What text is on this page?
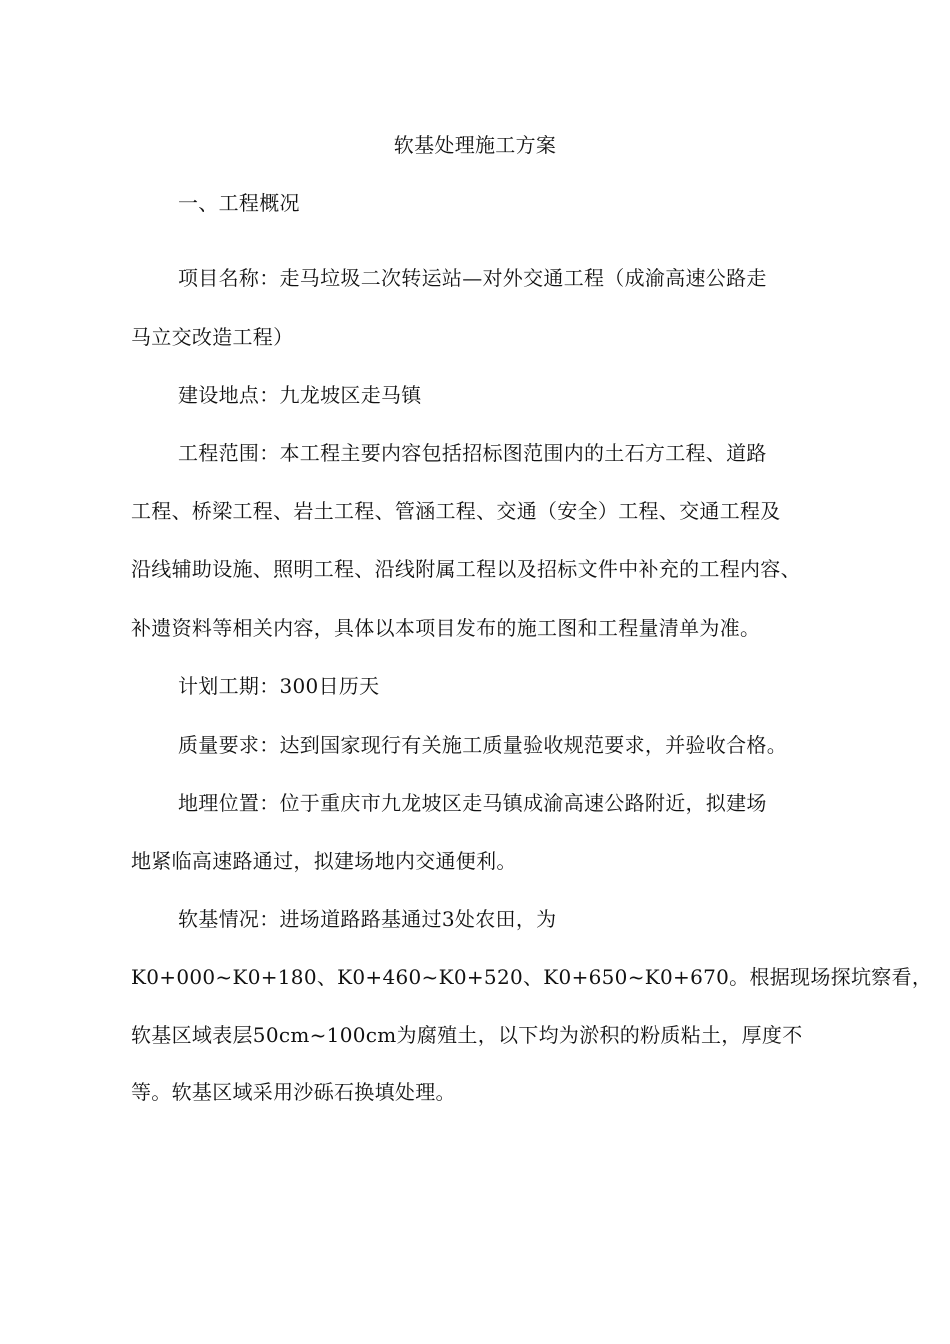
软基处理施工方案
一、工程概况
项目名称：走马垃圾二次转运站—对外交通工程（成渝高速公路走
马立交改造工程）
建设地点：九龙坡区走马镇
工程范围：本工程主要内容包括招标图范围内的土石方工程、道路
工程、桥梁工程、岩土工程、管涵工程、交通（安全）工程、交通工程及
沿线辅助设施、照明工程、沿线附属工程以及招标文件中补充的工程内容、
补遗资料等相关内容，具体以本项目发布的施工图和工程量清单为准。
计划工期：300日历天
质量要求：达到国家现行有关施工质量验收规范要求，并验收合格。
地理位置：位于重庆市九龙坡区走马镇成渝高速公路附近，拟建场
地紧临高速路通过，拟建场地内交通便利。
软基情况：进场道路路基通过3处农田，为
K0+000~K0+180、K0+460~K0+520、K0+650~K0+670。根据现场探坑察看，
软基区域表层50cm~100cm为腐殖土，以下均为淤积的粉质粘土，厚度不
等。软基区域采用沙砾石换填处理。
